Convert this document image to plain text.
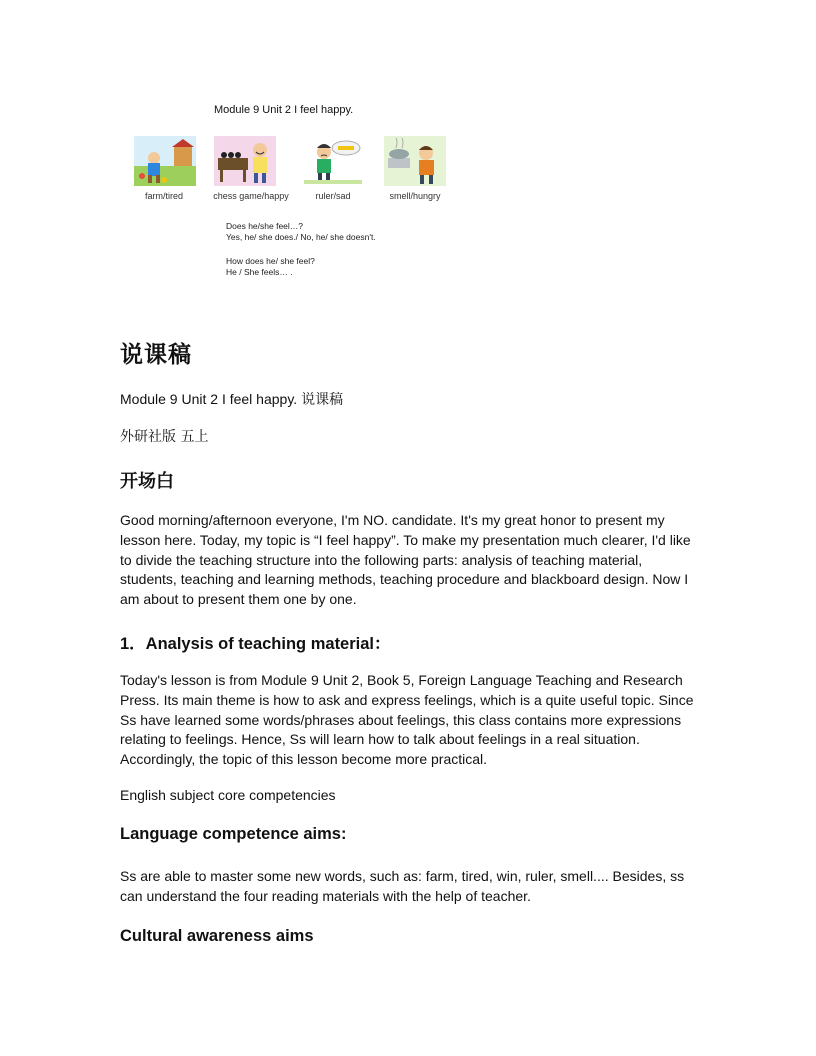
Module 9 Unit 2 I feel happy.
farm/tired	chess game/happy	ruler/sad	smell/hungry
Does he/she feel…?
Yes, he/ she does./ No, he/ she doesn't.
How does he/ she feel?
He / She feels… .
说课稿
Module 9 Unit 2 I feel happy. 说课稿
外研社版 五上
开场白
Good morning/afternoon everyone, I'm NO. candidate. It's my great honor to present my lesson here. Today, my topic is “I feel happy”. To make my presentation much clearer, I'd like to divide the teaching structure into the following parts: analysis of teaching material, students, teaching and learning methods, teaching procedure and blackboard design. Now I am about to present them one by one.
1．Analysis of teaching material：
Today's lesson is from Module 9 Unit 2, Book 5, Foreign Language Teaching and Research Press. Its main theme is how to ask and express feelings, which is a quite useful topic. Since Ss have learned some words/phrases about feelings, this class contains more expressions relating to feelings. Hence, Ss will learn how to talk about feelings in a real situation. Accordingly, the topic of this lesson become more practical.
English subject core competencies
Language competence aims:
Ss are able to master some new words, such as: farm, tired, win, ruler, smell.... Besides, ss can understand the four reading materials with the help of teacher.
Cultural awareness aims
